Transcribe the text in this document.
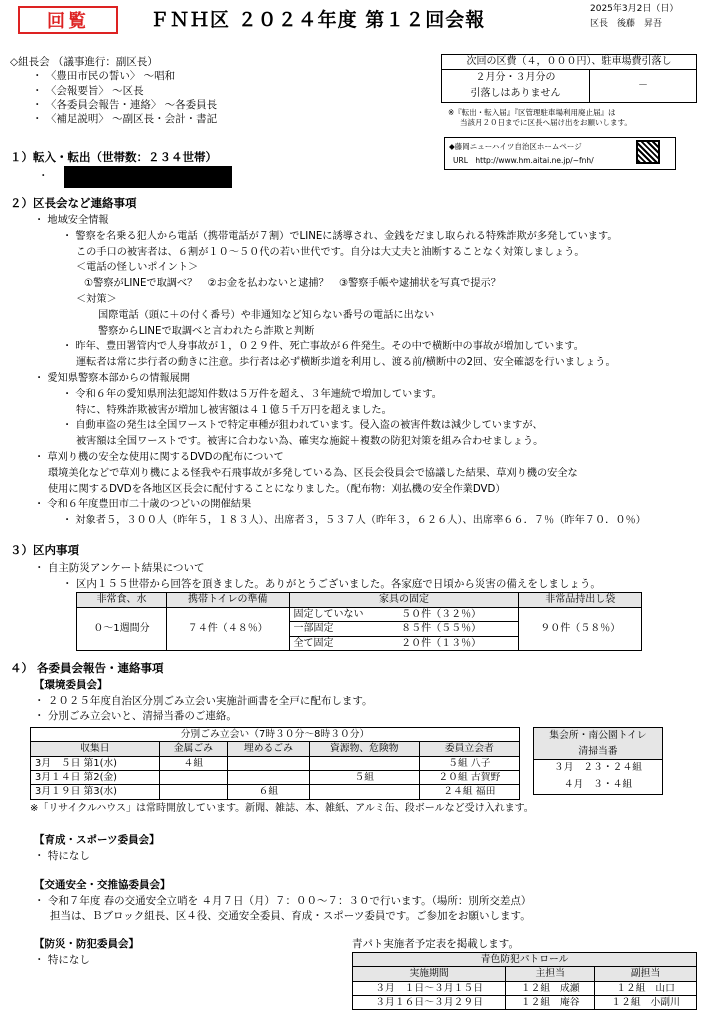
回覧	ＦＮＨ区 ２０２４年度 第１２回会報	2025年3月2日（日）
区長　後藤　昇吾
◇組長会 （議事進行：副区長）
・ 〈豊田市民の誓い〉 ～唱和
・ 〈会報要旨〉 ～区長
・ 〈各委員会報告・連絡〉 ～各委員長
・ 〈補足説明〉 ～副区長・会計・書記
次回の区費（４，０００円）、駐車場費引落し
２月分・３月分の
引落しはありません	－
※『転出・転入届』『区管理駐車場利用廃止届』は
当該月２０日までに区長へ届け出をお願いします。
◆藤岡ニューハイツ自治区ホームページ
URL　http://www.hm.aitai.ne.jp/~fnh/
１）転入・転出（世帯数：２３４世帯）
・
２）区長会など連絡事項
・ 地域安全情報
・ 警察を名乗る犯人から電話（携帯電話が７割）でLINEに誘導され、金銭をだまし取られる特殊詐欺が多発しています。
この手口の被害者は、６割が１０～５０代の若い世代です。自分は大丈夫と油断することなく対策しましょう。
＜電話の怪しいポイント＞
①警察がLINEで取調べ？　②お金を払わないと逮捕？　③警察手帳や逮捕状を写真で提示？
＜対策＞
国際電話（頭に＋の付く番号）や非通知など知らない番号の電話に出ない
警察からLINEで取調べと言われたら詐欺と判断
・ 昨年、豊田署管内で人身事故が１，０２９件、死亡事故が６件発生。その中で横断中の事故が増加しています。
運転者は常に歩行者の動きに注意。歩行者は必ず横断歩道を利用し、渡る前/横断中の2回、安全確認を行いましょう。
・ 愛知県警察本部からの情報展開
・ 令和６年の愛知県刑法犯認知件数は５万件を超え、３年連続で増加しています。
特に、特殊詐欺被害が増加し被害額は４１億５千万円を超えました。
・ 自動車盗の発生は全国ワーストで特定車種が狙われています。侵入盗の被害件数は減少していますが、
被害額は全国ワーストです。被害に合わない為、確実な施錠＋複数の防犯対策を組み合わせましょう。
・ 草刈り機の安全な使用に関するDVDの配布について
環境美化などで草刈り機による怪我や石飛事故が多発している為、区長会役員会で協議した結果、草刈り機の安全な
使用に関するDVDを各地区区長会に配付することになりました。（配布物：刈払機の安全作業DVD）
・ 令和６年度豊田市二十歳のつどいの開催結果
・ 対象者５，３００人（昨年５，１８３人）、出席者３，５３７人（昨年３，６２６人）、出席率６６．７％（昨年７０．０％）
３）区内事項
・ 自主防災アンケート結果について
・ 区内１５５世帯から回答を頂きました。ありがとうございました。各家庭で日頃から災害の備えをしましょう。
非常食、水	携帯トイレの準備	家具の固定		非常品持出し袋
０～1週間分	７４件（４８％）	固定していない	５０件（３２％）	９０件（５８％）
		一部固定	８５件（５５％）	
		全て固定	２０件（１３％）	
４） 各委員会報告・連絡事項
【環境委員会】
・ ２０２５年度自治区分別ごみ立会い実施計画書を全戸に配布します。
・ 分別ごみ立会いと、清掃当番のご連絡。
分別ごみ立会い（7時３０分～8時３０分）				
収集日	金属ごみ	埋めるごみ	資源物、危険物	委員立会者
3月　５日 第1(水)	４組			５組 八子
3月１４日 第2(金)			５組	２０組 古賀野
3月１９日 第3(水)		６組		２４組 福田
集会所・南公園トイレ
清掃当番

３月　２３・２４組
４月　３・４組
※「リサイクルハウス」は常時開放しています。新聞、雑誌、本、雑紙、アルミ缶、段ボールなど受け入れます。
【育成・スポーツ委員会】
・ 特になし
【交通安全・交推協委員会】
・ 令和７年度 春の交通安全立哨を ４月７日（月）７：００～７：３０で行います。（場所：別所交差点）
担当は、Ｂブロック組長、区４役、交通安全委員、育成・スポーツ委員です。ご参加をお願いします。
【防災・防犯委員会】
・ 特になし
青パト実施者予定表を掲載します。
青色防犯パトロール		
実施期間	主担当	副担当
３月　１日～３月１５日	１２組　成瀬	１２組　山口
３月１６日～３月２９日	１２組　庵谷	１２組　小副川
